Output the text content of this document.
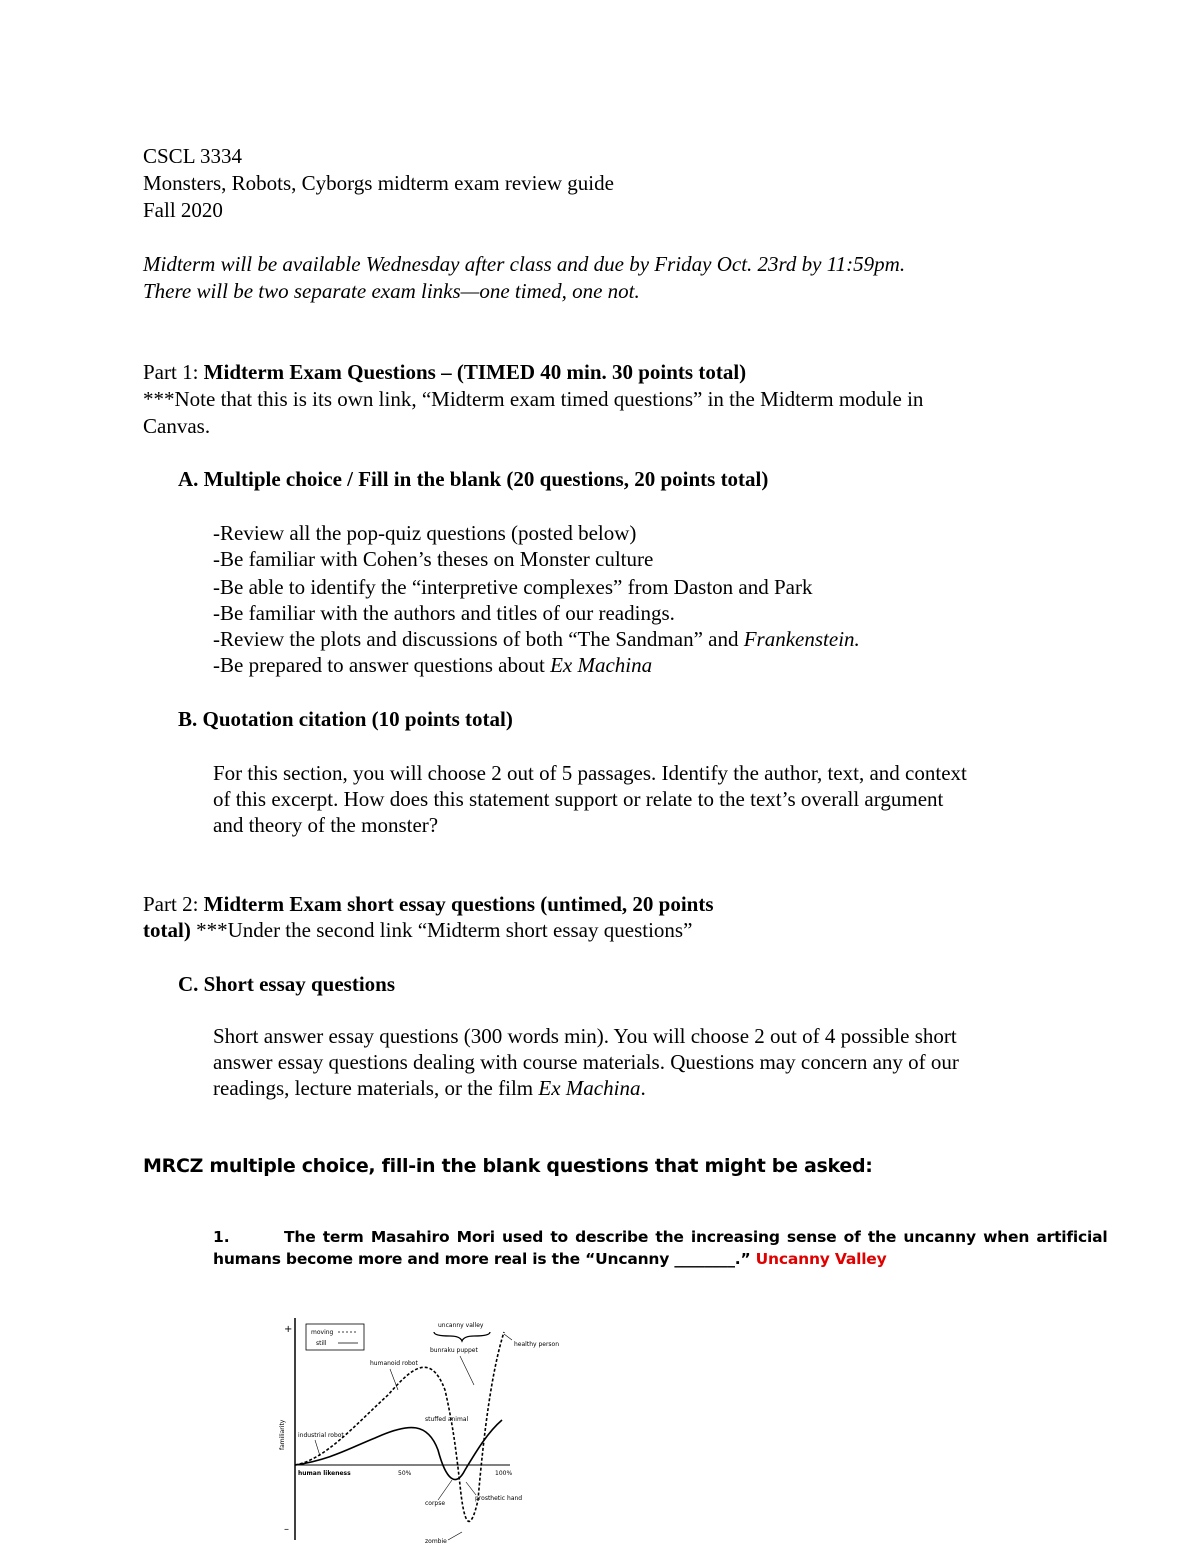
CSCL 3334
Monsters, Robots, Cyborgs midterm exam review guide
Fall 2020
Midterm will be available Wednesday after class and due by Friday Oct. 23rd by 11:59pm.
There will be two separate exam links—one timed, one not.
Part 1: Midterm Exam Questions – (TIMED 40 min. 30 points total)
***Note that this is its own link, “Midterm exam timed questions” in the Midterm module in
Canvas.
A. Multiple choice / Fill in the blank (20 questions, 20 points total)
-Review all the pop-quiz questions (posted below)
-Be familiar with Cohen’s theses on Monster culture
-Be able to identify the “interpretive complexes” from Daston and Park
-Be familiar with the authors and titles of our readings.
-Review the plots and discussions of both “The Sandman” and Frankenstein.
-Be prepared to answer questions about Ex Machina
B. Quotation citation (10 points total)
For this section, you will choose 2 out of 5 passages. Identify the author, text, and context
of this excerpt. How does this statement support or relate to the text’s overall argument
and theory of the monster?
Part 2: Midterm Exam short essay questions (untimed, 20 points
total) ***Under the second link “Midterm short essay questions”
C. Short essay questions
Short answer essay questions (300 words min). You will choose 2 out of 4 possible short
answer essay questions dealing with course materials. Questions may concern any of our
readings, lecture materials, or the film Ex Machina.
MRCZ multiple choice, fill-in the blank questions that might be asked:
1.	The term Masahiro Mori used to describe the increasing sense of the uncanny when artificial
humans become more and more real is the “Uncanny ________.” Uncanny Valley
+
–
familiarity
moving
still
uncanny valley
healthy person
bunraku puppet
humanoid robot
stuffed animal
industrial robot
human likeness	50%	100%
corpse
prosthetic hand
zombie
